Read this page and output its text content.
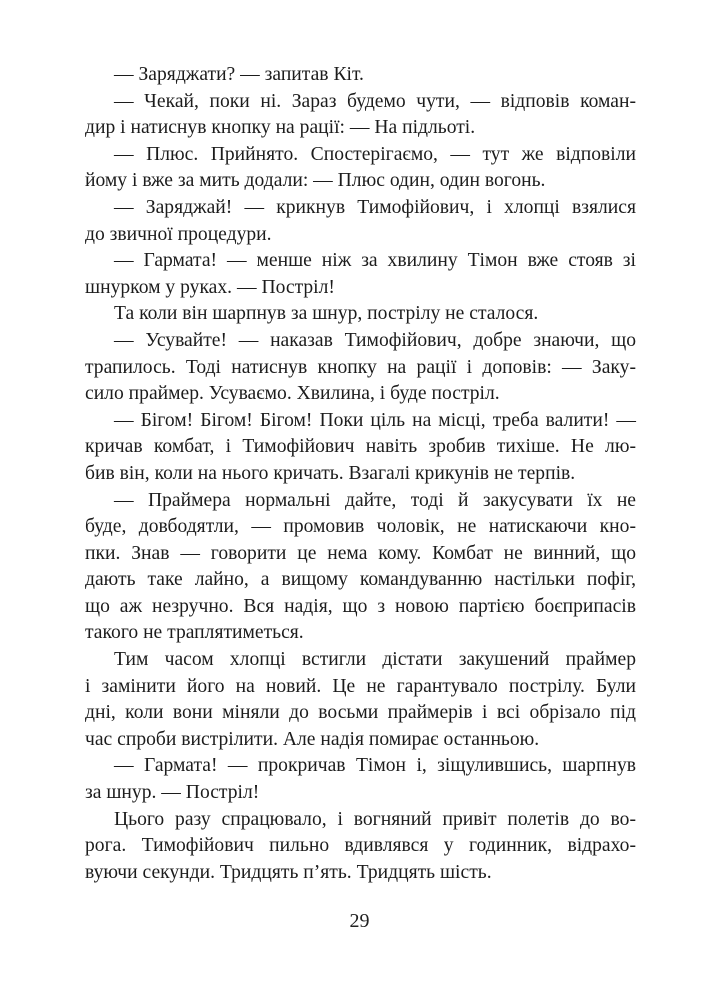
— Заряджати? — запитав Кіт.

— Чекай, поки ні. Зараз будемо чути, — відповів коман-
дир і натиснув кнопку на рації: — На підльоті.

— Плюс. Прийнято. Спостерігаємо, — тут же відповіли
йому і вже за мить додали: — Плюс один, один вогонь.

— Заряджай! — крикнув Тимофійович, і хлопці взялися
до звичної процедури.

— Гармата! — менше ніж за хвилину Тімон вже стояв зі
шнурком у руках. — Постріл!

Та коли він шарпнув за шнур, пострілу не сталося.

— Усувайте! — наказав Тимофійович, добре знаючи, що
трапилось. Тоді натиснув кнопку на рації і доповів: — Заку-
сило праймер. Усуваємо. Хвилина, і буде постріл.

— Бігом! Бігом! Бігом! Поки ціль на місці, треба валити! —
кричав комбат, і Тимофійович навіть зробив тихіше. Не лю-
бив він, коли на нього кричать. Взагалі крикунів не терпів.

— Праймера нормальні дайте, тоді й закусувати їх не
буде, довбодятли, — промовив чоловік, не натискаючи кно-
пки. Знав — говорити це нема кому. Комбат не винний, що
дають таке лайно, а вищому командуванню настільки пофіг,
що аж незручно. Вся надія, що з новою партією боєприпасів
такого не траплятиметься.

Тим часом хлопці встигли дістати закушений праймер
і замінити його на новий. Це не гарантувало пострілу. Були
дні, коли вони міняли до восьми праймерів і всі обрізало під
час спроби вистрілити. Але надія помирає останньою.

— Гармата! — прокричав Тімон і, зіщулившись, шарпнув
за шнур. — Постріл!

Цього разу спрацювало, і вогняний привіт полетів до во-
рога. Тимофійович пильно вдивлявся у годинник, відрахо-
вуючи секунди. Тридцять п’ять. Тридцять шість.

29
